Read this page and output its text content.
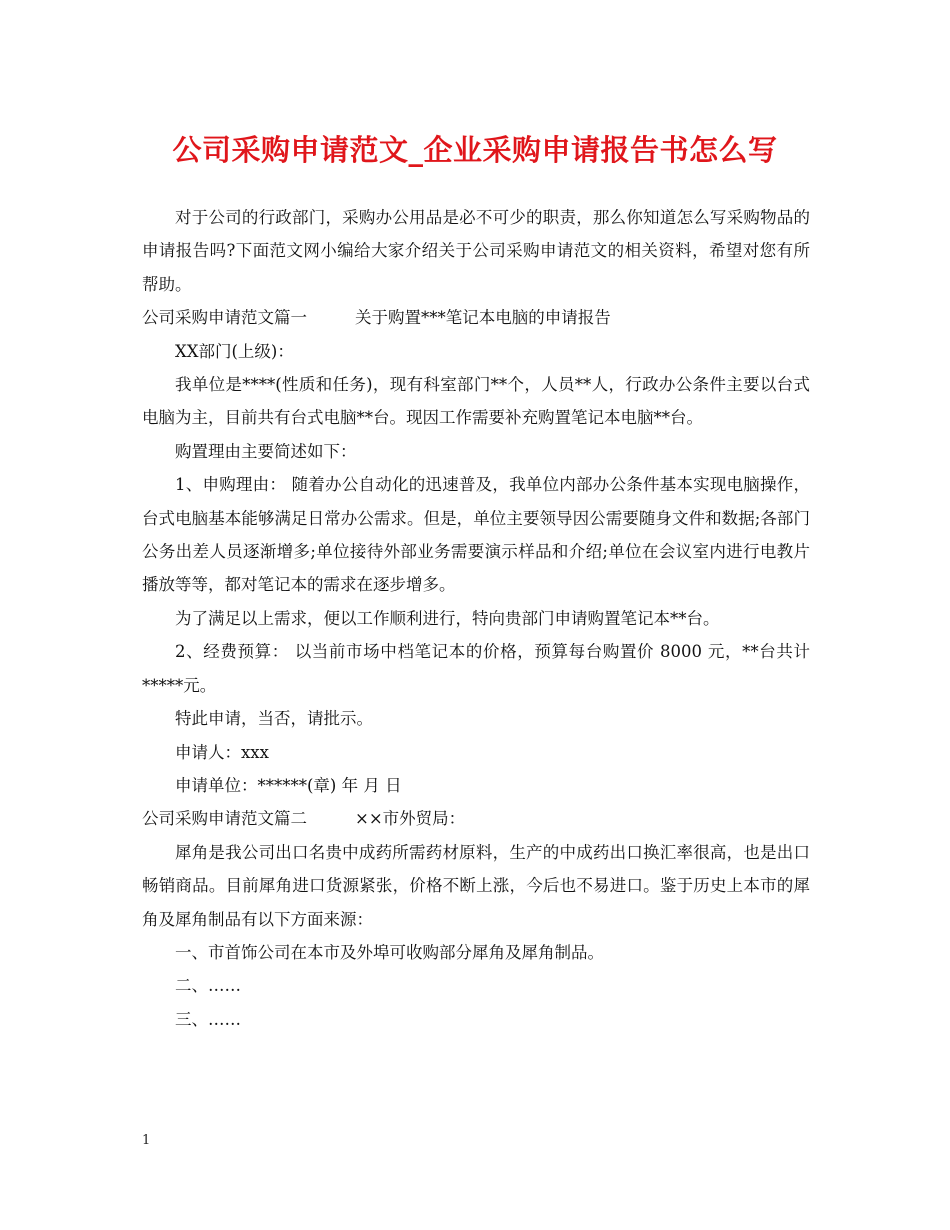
公司采购申请范文_企业采购申请报告书怎么写

对于公司的行政部门，采购办公用品是必不可少的职责，那么你知道怎么写采购物品的申请报告吗?下面范文网小编给大家介绍关于公司采购申请范文的相关资料，希望对您有所帮助。

公司采购申请范文篇一	关于购置***笔记本电脑的申请报告

XX部门(上级)：

我单位是****(性质和任务)，现有科室部门**个，人员**人，行政办公条件主要以台式电脑为主，目前共有台式电脑**台。现因工作需要补充购置笔记本电脑**台。

购置理由主要简述如下：

1、申购理由： 随着办公自动化的迅速普及，我单位内部办公条件基本实现电脑操作，台式电脑基本能够满足日常办公需求。但是，单位主要领导因公需要随身文件和数据;各部门公务出差人员逐渐增多;单位接待外部业务需要演示样品和介绍;单位在会议室内进行电教片播放等等，都对笔记本的需求在逐步增多。

为了满足以上需求，便以工作顺利进行，特向贵部门申请购置笔记本**台。

2、经费预算： 以当前市场中档笔记本的价格，预算每台购置价 8000 元，**台共计*****元。

特此申请，当否，请批示。

申请人：xxx

申请单位：******(章) 年 月 日

公司采购申请范文篇二	××市外贸局：

犀角是我公司出口名贵中成药所需药材原料，生产的中成药出口换汇率很高，也是出口畅销商品。目前犀角进口货源紧张，价格不断上涨，今后也不易进口。鉴于历史上本市的犀角及犀角制品有以下方面来源：

一、市首饰公司在本市及外埠可收购部分犀角及犀角制品。

二、……

三、……

1
